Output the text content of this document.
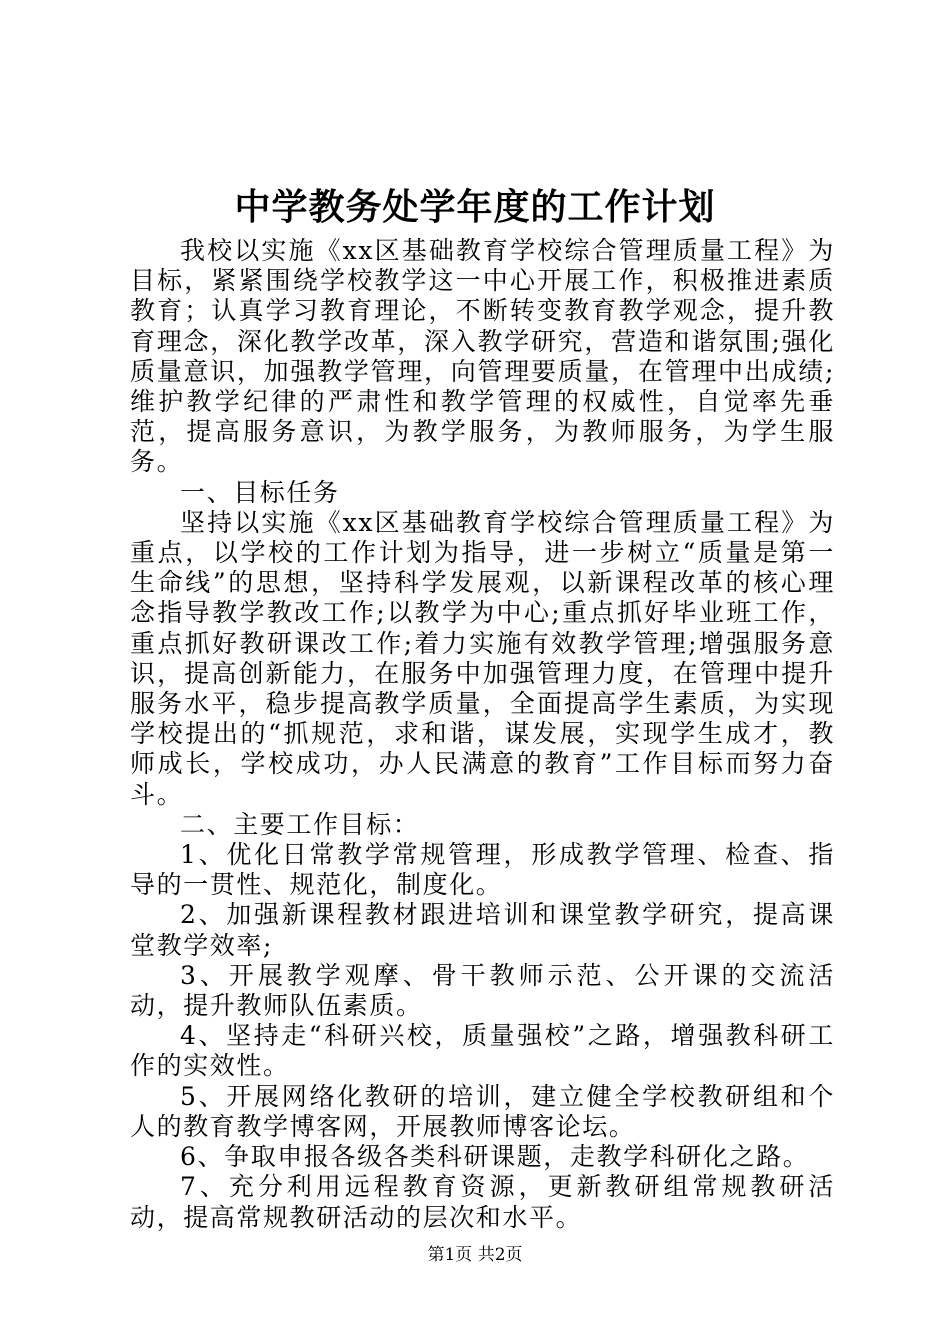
中学教务处学年度的工作计划

我校以实施《xx区基础教育学校综合管理质量工程》为目标，紧紧围绕学校教学这一中心开展工作，积极推进素质教育；认真学习教育理论，不断转变教育教学观念，提升教育理念，深化教学改革，深入教学研究，营造和谐氛围;强化质量意识，加强教学管理，向管理要质量，在管理中出成绩;维护教学纪律的严肃性和教学管理的权威性，自觉率先垂范，提高服务意识，为教学服务，为教师服务，为学生服务。

一、目标任务

坚持以实施《xx区基础教育学校综合管理质量工程》为重点，以学校的工作计划为指导，进一步树立“质量是第一生命线”的思想，坚持科学发展观，以新课程改革的核心理念指导教学教改工作;以教学为中心;重点抓好毕业班工作，重点抓好教研课改工作;着力实施有效教学管理;增强服务意识，提高创新能力，在服务中加强管理力度，在管理中提升服务水平，稳步提高教学质量，全面提高学生素质，为实现学校提出的“抓规范，求和谐，谋发展，实现学生成才，教师成长，学校成功，办人民满意的教育”工作目标而努力奋斗。

二、主要工作目标：

1、优化日常教学常规管理，形成教学管理、检查、指导的一贯性、规范化，制度化。

2、加强新课程教材跟进培训和课堂教学研究，提高课堂教学效率;

3、开展教学观摩、骨干教师示范、公开课的交流活动，提升教师队伍素质。

4、坚持走“科研兴校，质量强校”之路，增强教科研工作的实效性。

5、开展网络化教研的培训，建立健全学校教研组和个人的教育教学博客网，开展教师博客论坛。

6、争取申报各级各类科研课题，走教学科研化之路。

7、充分利用远程教育资源，更新教研组常规教研活动，提高常规教研活动的层次和水平。

第1页 共2页
